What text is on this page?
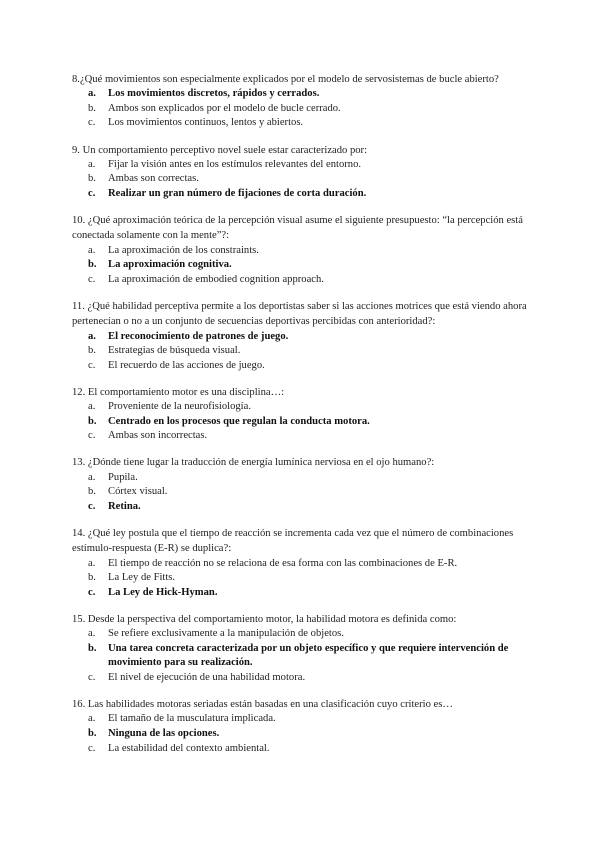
8.¿Qué movimientos son especialmente explicados por el modelo de servosistemas de bucle abierto?

a.	Los movimientos discretos, rápidos y cerrados.
b.	Ambos son explicados por el modelo de bucle cerrado.
c.	Los movimientos continuos, lentos y abiertos.

9. Un comportamiento perceptivo novel suele estar caracterizado por:

a.	Fijar la visión antes en los estímulos relevantes del entorno.
b.	Ambas son correctas.
c.	Realizar un gran número de fijaciones de corta duración.

10. ¿Qué aproximación teórica de la percepción visual asume el siguiente presupuesto: “la percepción está conectada solamente con la mente”?:

a.	La aproximación de los constraints.
b.	La aproximación cognitiva.
c.	La aproximación de embodied cognition approach.

11. ¿Qué habilidad perceptiva permite a los deportistas saber si las acciones motrices que está viendo ahora pertenecían o no a un conjunto de secuencias deportivas percibidas con anterioridad?:

a.	El reconocimiento de patrones de juego.
b.	Estrategias de búsqueda visual.
c.	El recuerdo de las acciones de juego.

12. El comportamiento motor es una disciplina…:

a.	Proveniente de la neurofisiología.
b.	Centrado en los procesos que regulan la conducta motora.
c.	Ambas son incorrectas.

13. ¿Dónde tiene lugar la traducción de energía lumínica nerviosa en el ojo humano?:

a.	Pupila.
b.	Córtex visual.
c.	Retina.

14. ¿Qué ley postula que el tiempo de reacción se incrementa cada vez que el número de combinaciones estímulo-respuesta (E-R) se duplica?:

a.	El tiempo de reacción no se relaciona de esa forma con las combinaciones de E-R.
b.	La Ley de Fitts.
c.	La Ley de Hick-Hyman.

15. Desde la perspectiva del comportamiento motor, la habilidad motora es definida como:

a.	Se refiere exclusivamente a la manipulación de objetos.
b.	Una tarea concreta caracterizada por un objeto específico y que requiere intervención de movimiento para su realización.
c.	El nivel de ejecución de una habilidad motora.

16. Las habilidades motoras seriadas están basadas en una clasificación cuyo criterio es…

a.	El tamaño de la musculatura implicada.
b.	Ninguna de las opciones.
c.	La estabilidad del contexto ambiental.
